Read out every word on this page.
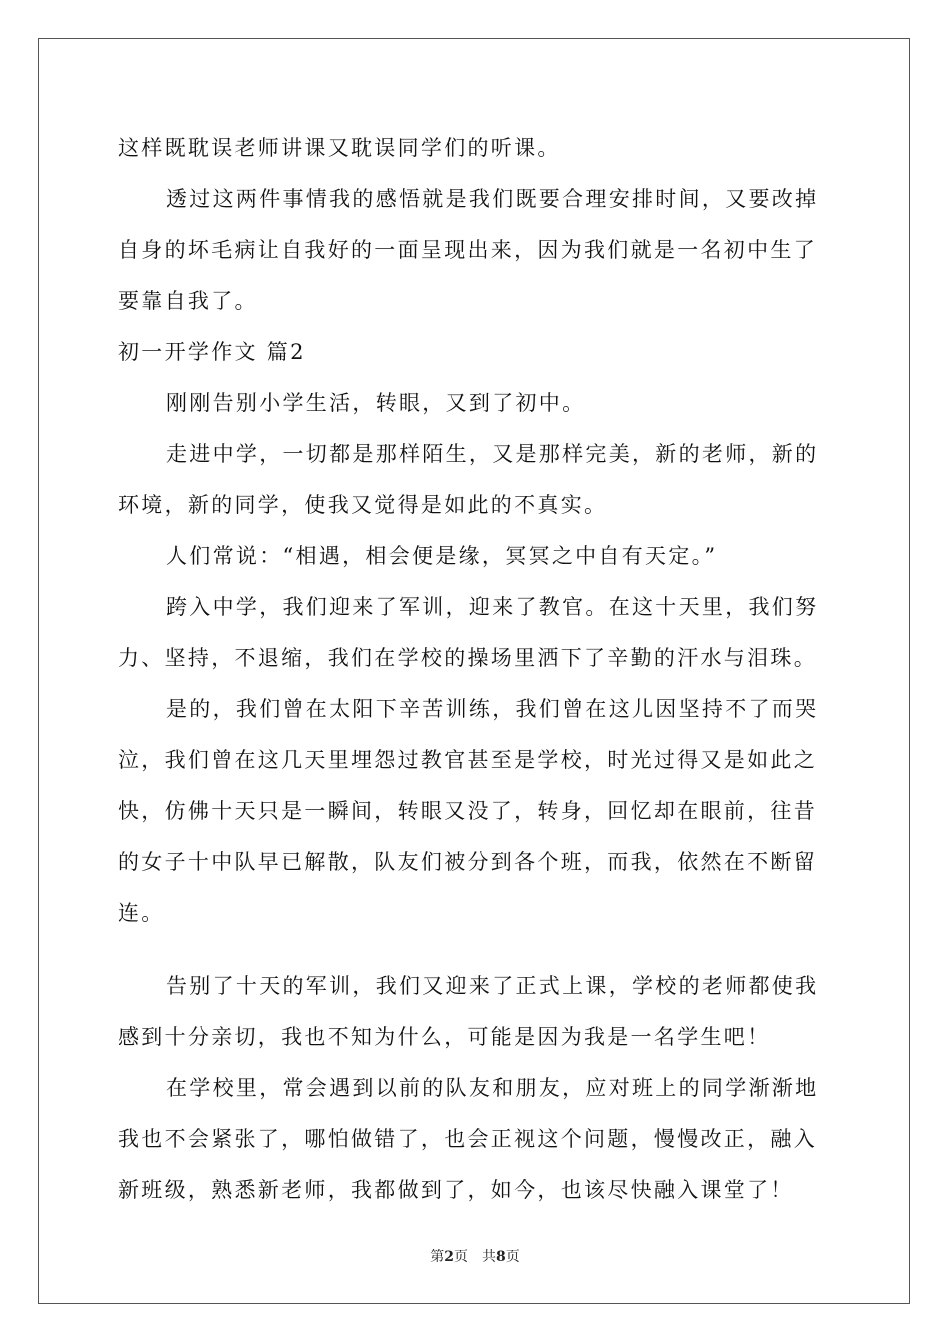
这样既耽误老师讲课又耽误同学们的听课。
透过这两件事情我的感悟就是我们既要合理安排时间，又要改掉
自身的坏毛病让自我好的一面呈现出来，因为我们就是一名初中生了
要靠自我了。
初一开学作文 篇2
刚刚告别小学生活，转眼，又到了初中。
走进中学，一切都是那样陌生，又是那样完美，新的老师，新的
环境，新的同学，使我又觉得是如此的不真实。
人们常说：“相遇，相会便是缘，冥冥之中自有天定。”
跨入中学，我们迎来了军训，迎来了教官。在这十天里，我们努
力、坚持，不退缩，我们在学校的操场里洒下了辛勤的汗水与泪珠。
是的，我们曾在太阳下辛苦训练，我们曾在这儿因坚持不了而哭
泣，我们曾在这几天里埋怨过教官甚至是学校，时光过得又是如此之
快，仿佛十天只是一瞬间，转眼又没了，转身，回忆却在眼前，往昔
的女子十中队早已解散，队友们被分到各个班，而我，依然在不断留
连。
告别了十天的军训，我们又迎来了正式上课，学校的老师都使我
感到十分亲切，我也不知为什么，可能是因为我是一名学生吧！
在学校里，常会遇到以前的队友和朋友，应对班上的同学渐渐地
我也不会紧张了，哪怕做错了，也会正视这个问题，慢慢改正，融入
新班级，熟悉新老师，我都做到了，如今，也该尽快融入课堂了！
第2页 共8页
